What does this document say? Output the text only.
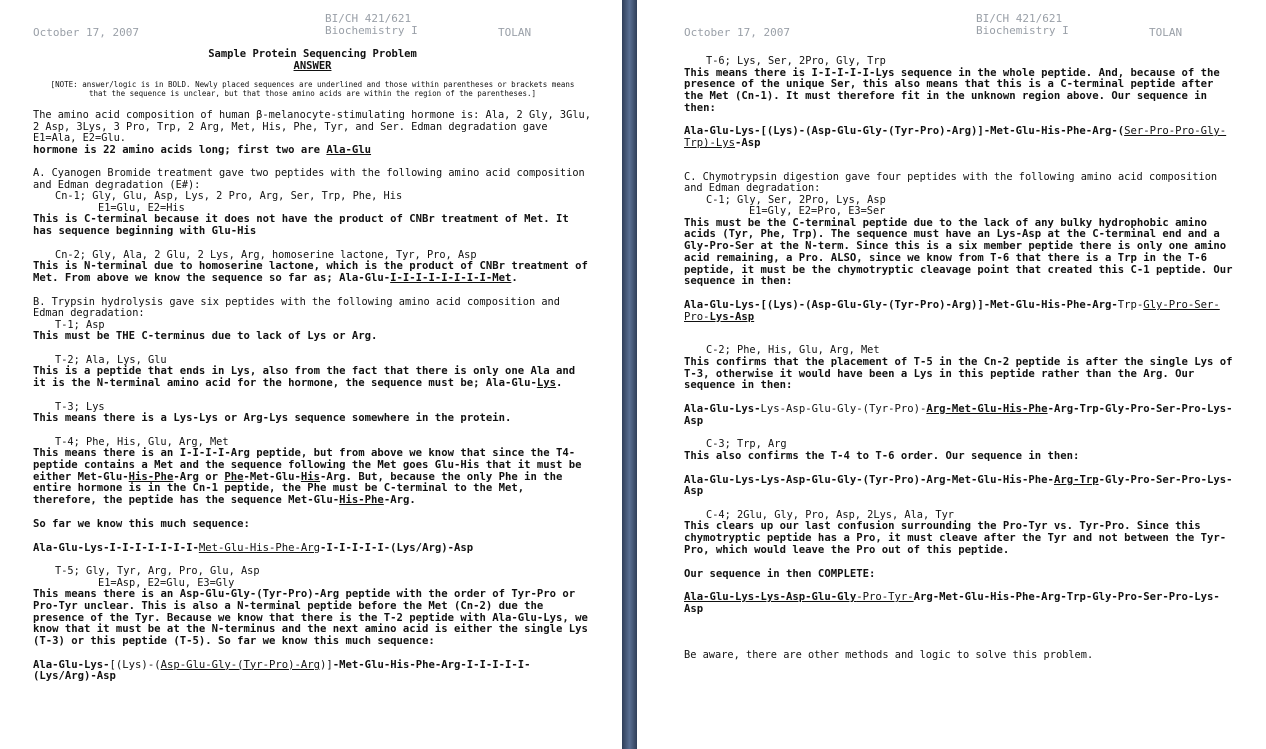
October 17, 2007
BI/CH 421/621
Biochemistry I	TOLAN
Sample Protein Sequencing Problem
ANSWER

[NOTE: answer/logic is in BOLD. Newly placed sequences are underlined and those within parentheses or brackets means that the sequence is unclear, but that those amino acids are within the region of the parentheses.]

The amino acid composition of human β-melanocyte-stimulating hormone is: Ala, 2 Gly, 3Glu, 2 Asp, 3Lys, 3 Pro, Trp, 2 Arg, Met, His, Phe, Tyr, and Ser. Edman degradation gave E1=Ala, E2=Glu.

hormone is 22 amino acids long; first two are Ala-Glu

A. Cyanogen Bromide treatment gave two peptides with the following amino acid composition and Edman degradation (E#):

Cn-1; Gly, Glu, Asp, Lys, 2 Pro, Arg, Ser, Trp, Phe, His

E1=Glu, E2=His

This is C-terminal because it does not have the product of CNBr treatment of Met. It has sequence beginning with Glu-His

Cn-2; Gly, Ala, 2 Glu, 2 Lys, Arg, homoserine lactone, Tyr, Pro, Asp

This is N-terminal due to homoserine lactone, which is the product of CNBr treatment of Met. From above we know the sequence so far as; Ala-Glu-I-I-I-I-I-I-I-I-Met.

B. Trypsin hydrolysis gave six peptides with the following amino acid composition and Edman degradation:

T-1; Asp

This must be THE C-terminus due to lack of Lys or Arg.

T-2; Ala, Lys, Glu

This is a peptide that ends in Lys, also from the fact that there is only one Ala and it is the N-terminal amino acid for the hormone, the sequence must be; Ala-Glu-Lys.

T-3; Lys

This means there is a Lys-Lys or Arg-Lys sequence somewhere in the protein.

T-4; Phe, His, Glu, Arg, Met

This means there is an I-I-I-I-Arg peptide, but from above we know that since the T4-peptide contains a Met and the sequence following the Met goes Glu-His that it must be either Met-Glu-His-Phe-Arg or Phe-Met-Glu-His-Arg. But, because the only Phe in the entire hormone is in the Cn-1 peptide, the Phe must be C-terminal to the Met, therefore, the peptide has the sequence Met-Glu-His-Phe-Arg.

So far we know this much sequence:

Ala-Glu-Lys-I-I-I-I-I-I-I-Met-Glu-His-Phe-Arg-I-I-I-I-I-(Lys/Arg)-Asp

T-5; Gly, Tyr, Arg, Pro, Glu, Asp

E1=Asp, E2=Glu, E3=Gly

This means there is an Asp-Glu-Gly-(Tyr-Pro)-Arg peptide with the order of Tyr-Pro or Pro-Tyr unclear. This is also a N-terminal peptide before the Met (Cn-2) due the presence of the Tyr. Because we know that there is the T-2 peptide with Ala-Glu-Lys, we know that it must be at the N-terminus and the next amino acid is either the single Lys (T-3) or this peptide (T-5). So far we know this much sequence:

Ala-Glu-Lys-[(Lys)-(Asp-Glu-Gly-(Tyr-Pro)-Arg)]-Met-Glu-His-Phe-Arg-I-I-I-I-I-(Lys/Arg)-Asp

October 17, 2007
BI/CH 421/621
Biochemistry I	TOLAN

T-6; Lys, Ser, 2Pro, Gly, Trp

This means there is I-I-I-I-I-Lys sequence in the whole peptide. And, because of the presence of the unique Ser, this also means that this is a C-terminal peptide after the Met (Cn-1). It must therefore fit in the unknown region above. Our sequence in then:

Ala-Glu-Lys-[(Lys)-(Asp-Glu-Gly-(Tyr-Pro)-Arg)]-Met-Glu-His-Phe-Arg-(Ser-Pro-Pro-Gly-Trp)-Lys-Asp

C. Chymotrypsin digestion gave four peptides with the following amino acid composition and Edman degradation:

C-1; Gly, Ser, 2Pro, Lys, Asp

E1=Gly, E2=Pro, E3=Ser

This must be the C-terminal peptide due to the lack of any bulky hydrophobic amino acids (Tyr, Phe, Trp). The sequence must have an Lys-Asp at the C-terminal end and a Gly-Pro-Ser at the N-term. Since this is a six member peptide there is only one amino acid remaining, a Pro. ALSO, since we know from T-6 that there is a Trp in the T-6 peptide, it must be the chymotryptic cleavage point that created this C-1 peptide. Our sequence in then:

Ala-Glu-Lys-[(Lys)-(Asp-Glu-Gly-(Tyr-Pro)-Arg)]-Met-Glu-His-Phe-Arg-Trp-Gly-Pro-Ser-Pro-Lys-Asp

C-2; Phe, His, Glu, Arg, Met

This confirms that the placement of T-5 in the Cn-2 peptide is after the single Lys of T-3, otherwise it would have been a Lys in this peptide rather than the Arg. Our sequence in then:

Ala-Glu-Lys-Lys-Asp-Glu-Gly-(Tyr-Pro)-Arg-Met-Glu-His-Phe-Arg-Trp-Gly-Pro-Ser-Pro-Lys-Asp

C-3; Trp, Arg

This also confirms the T-4 to T-6 order. Our sequence in then:

Ala-Glu-Lys-Lys-Asp-Glu-Gly-(Tyr-Pro)-Arg-Met-Glu-His-Phe-Arg-Trp-Gly-Pro-Ser-Pro-Lys-Asp

C-4; 2Glu, Gly, Pro, Asp, 2Lys, Ala, Tyr

This clears up our last confusion surrounding the Pro-Tyr vs. Tyr-Pro. Since this chymotryptic peptide has a Pro, it must cleave after the Tyr and not between the Tyr-Pro, which would leave the Pro out of this peptide.

Our sequence in then COMPLETE:

Ala-Glu-Lys-Lys-Asp-Glu-Gly-Pro-Tyr-Arg-Met-Glu-His-Phe-Arg-Trp-Gly-Pro-Ser-Pro-Lys-Asp

Be aware, there are other methods and logic to solve this problem.
